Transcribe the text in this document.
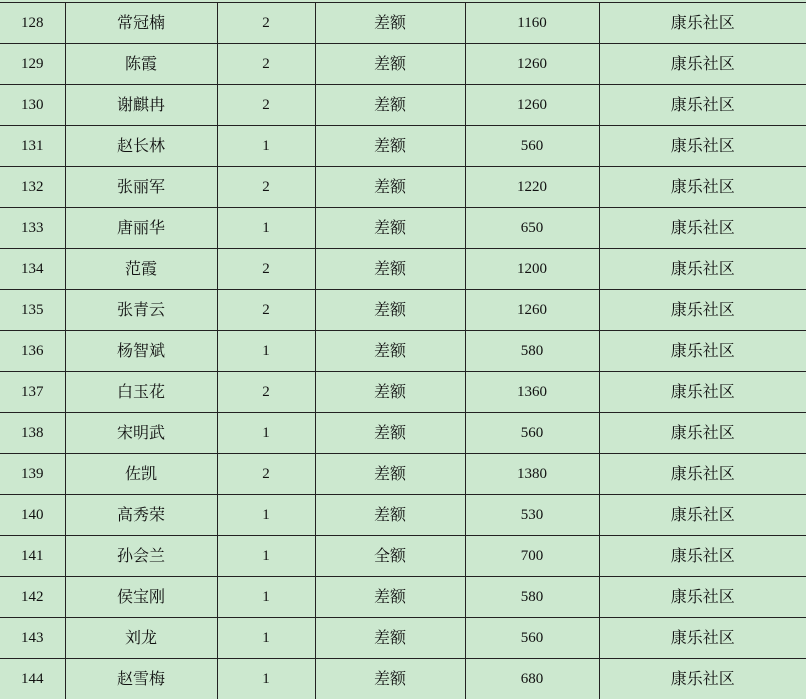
128	常冠楠	2	差额	1160	康乐社区
129	陈霞	2	差额	1260	康乐社区
130	谢麒冉	2	差额	1260	康乐社区
131	赵长林	1	差额	560	康乐社区
132	张丽军	2	差额	1220	康乐社区
133	唐丽华	1	差额	650	康乐社区
134	范霞	2	差额	1200	康乐社区
135	张青云	2	差额	1260	康乐社区
136	杨智斌	1	差额	580	康乐社区
137	白玉花	2	差额	1360	康乐社区
138	宋明武	1	差额	560	康乐社区
139	佐凯	2	差额	1380	康乐社区
140	高秀荣	1	差额	530	康乐社区
141	孙会兰	1	全额	700	康乐社区
142	侯宝刚	1	差额	580	康乐社区
143	刘龙	1	差额	560	康乐社区
144	赵雪梅	1	差额	680	康乐社区
